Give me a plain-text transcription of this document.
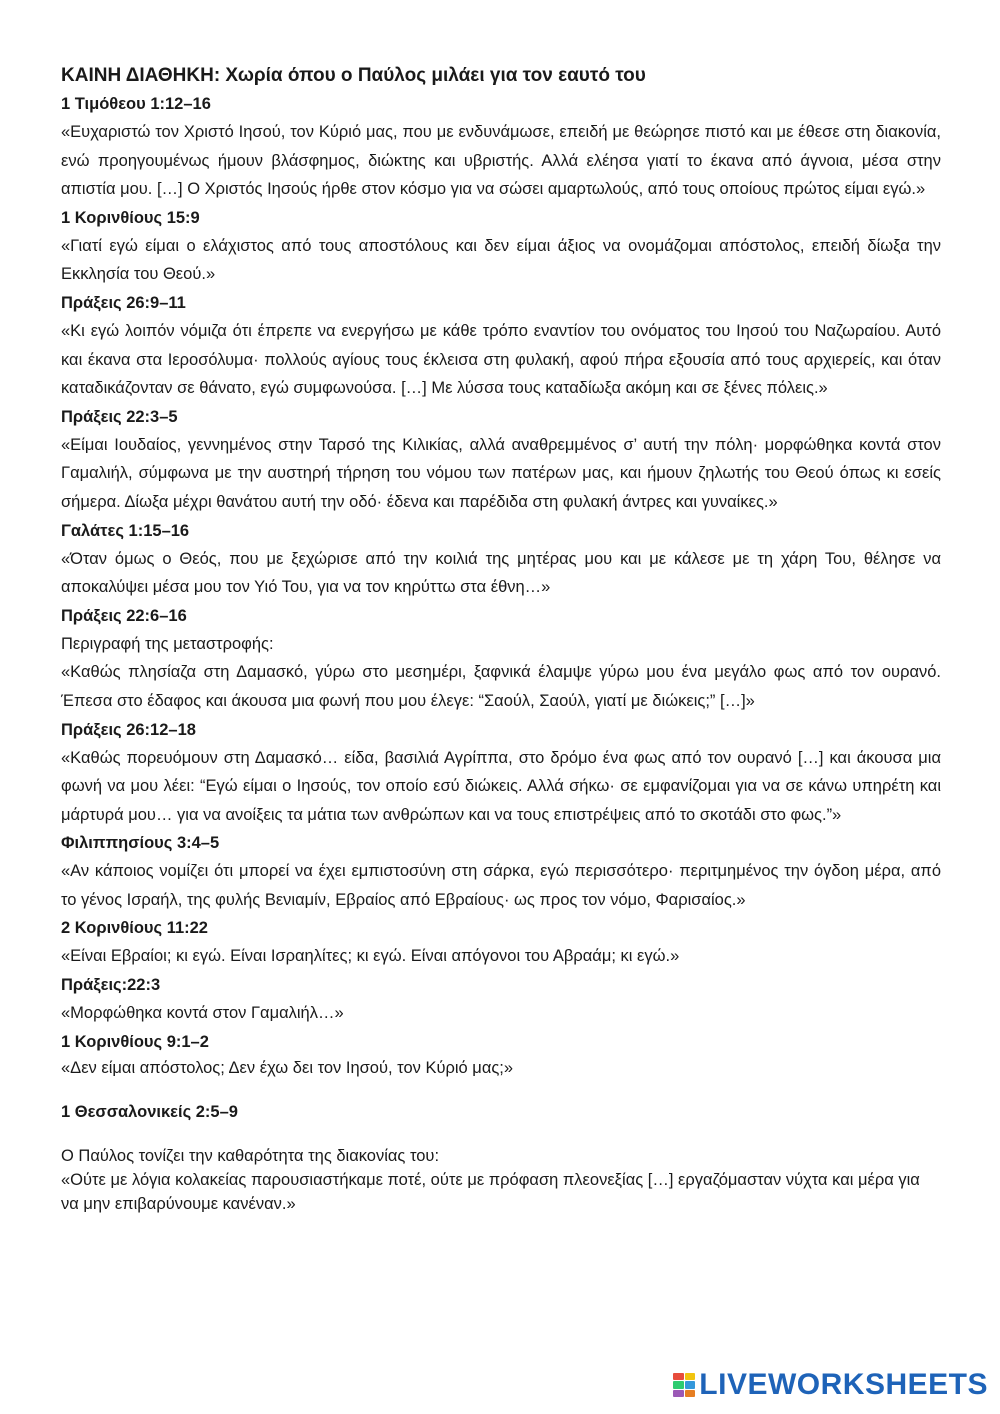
ΚΑΙΝΗ ΔΙΑΘΗΚΗ: Χωρία όπου ο Παύλος μιλάει για τον εαυτό του

1 Τιμόθεου 1:12–16

«Ευχαριστώ τον Χριστό Ιησού, τον Κύριό μας, που με ενδυνάμωσε, επειδή με θεώρησε πιστό και με έθεσε στη διακονία, ενώ προηγουμένως ήμουν βλάσφημος, διώκτης και υβριστής. Αλλά ελέησα γιατί το έκανα από άγνοια, μέσα στην απιστία μου. […] Ο Χριστός Ιησούς ήρθε στον κόσμο για να σώσει αμαρτωλούς, από τους οποίους πρώτος είμαι εγώ.»

1 Κορινθίους 15:9

«Γιατί εγώ είμαι ο ελάχιστος από τους αποστόλους και δεν είμαι άξιος να ονομάζομαι απόστολος, επειδή δίωξα την Εκκλησία του Θεού.»

Πράξεις 26:9–11

«Κι εγώ λοιπόν νόμιζα ότι έπρεπε να ενεργήσω με κάθε τρόπο εναντίον του ονόματος του Ιησού του Ναζωραίου. Αυτό και έκανα στα Ιεροσόλυμα· πολλούς αγίους τους έκλεισα στη φυλακή, αφού πήρα εξουσία από τους αρχιερείς, και όταν καταδικάζονταν σε θάνατο, εγώ συμφωνούσα. […] Με λύσσα τους καταδίωξα ακόμη και σε ξένες πόλεις.»

Πράξεις 22:3–5

«Είμαι Ιουδαίος, γεννημένος στην Ταρσό της Κιλικίας, αλλά αναθρεμμένος σ’ αυτή την πόλη· μορφώθηκα κοντά στον Γαμαλιήλ, σύμφωνα με την αυστηρή τήρηση του νόμου των πατέρων μας, και ήμουν ζηλωτής του Θεού όπως κι εσείς σήμερα. Δίωξα μέχρι θανάτου αυτή την οδό· έδενα και παρέδιδα στη φυλακή άντρες και γυναίκες.»

Γαλάτες 1:15–16

«Όταν όμως ο Θεός, που με ξεχώρισε από την κοιλιά της μητέρας μου και με κάλεσε με τη χάρη Του, θέλησε να αποκαλύψει μέσα μου τον Υιό Του, για να τον κηρύττω στα έθνη…»

Πράξεις 22:6–16

Περιγραφή της μεταστροφής:

«Καθώς πλησίαζα στη Δαμασκό, γύρω στο μεσημέρι, ξαφνικά έλαμψε γύρω μου ένα μεγάλο φως από τον ουρανό. Έπεσα στο έδαφος και άκουσα μια φωνή που μου έλεγε: “Σαούλ, Σαούλ, γιατί με διώκεις;” […]»

Πράξεις 26:12–18

«Καθώς πορευόμουν στη Δαμασκό… είδα, βασιλιά Αγρίππα, στο δρόμο ένα φως από τον ουρανό […] και άκουσα μια φωνή να μου λέει: “Εγώ είμαι ο Ιησούς, τον οποίο εσύ διώκεις. Αλλά σήκω· σε εμφανίζομαι για να σε κάνω υπηρέτη και μάρτυρά μου… για να ανοίξεις τα μάτια των ανθρώπων και να τους επιστρέψεις από το σκοτάδι στο φως.”»

Φιλιππησίους 3:4–5

«Αν κάποιος νομίζει ότι μπορεί να έχει εμπιστοσύνη στη σάρκα, εγώ περισσότερο· περιτμημένος την όγδοη μέρα, από το γένος Ισραήλ, της φυλής Βενιαμίν, Εβραίος από Εβραίους· ως προς τον νόμο, Φαρισαίος.»

2 Κορινθίους 11:22

«Είναι Εβραίοι; κι εγώ. Είναι Ισραηλίτες; κι εγώ. Είναι απόγονοι του Αβραάμ; κι εγώ.»

Πράξεις:22:3

«Μορφώθηκα κοντά στον Γαμαλιήλ…»

1 Κορινθίους 9:1–2

«Δεν είμαι απόστολος; Δεν έχω δει τον Ιησού, τον Κύριό μας;»

1 Θεσσαλονικείς 2:5–9

Ο Παύλος τονίζει την καθαρότητα της διακονίας του:

«Ούτε με λόγια κολακείας παρουσιαστήκαμε ποτέ, ούτε με πρόφαση πλεονεξίας […] εργαζόμασταν νύχτα και μέρα για να μην επιβαρύνουμε κανέναν.»

LIVEWORKSHEETS
